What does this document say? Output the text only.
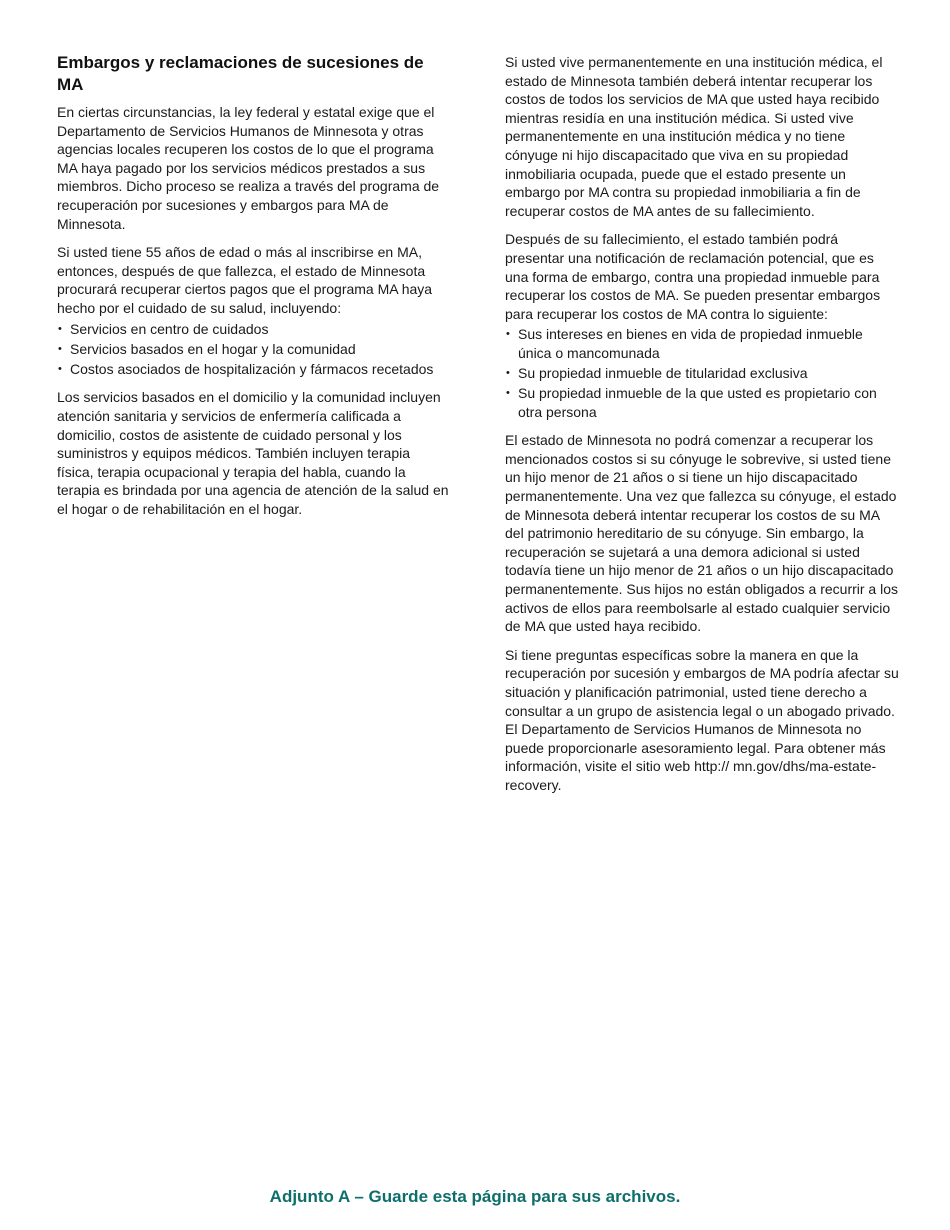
Embargos y reclamaciones de sucesiones de MA

En ciertas circunstancias, la ley federal y estatal exige que el Departamento de Servicios Humanos de Minnesota y otras agencias locales recuperen los costos de lo que el programa MA haya pagado por los servicios médicos prestados a sus miembros. Dicho proceso se realiza a través del programa de recuperación por sucesiones y embargos para MA de Minnesota.

Si usted tiene 55 años de edad o más al inscribirse en MA, entonces, después de que fallezca, el estado de Minnesota procurará recuperar ciertos pagos que el programa MA haya hecho por el cuidado de su salud, incluyendo:

• Servicios en centro de cuidados
• Servicios basados en el hogar y la comunidad
• Costos asociados de hospitalización y fármacos recetados

Los servicios basados en el domicilio y la comunidad incluyen atención sanitaria y servicios de enfermería calificada a domicilio, costos de asistente de cuidado personal y los suministros y equipos médicos. También incluyen terapia física, terapia ocupacional y terapia del habla, cuando la terapia es brindada por una agencia de atención de la salud en el hogar o de rehabilitación en el hogar.

Si usted vive permanentemente en una institución médica, el estado de Minnesota también deberá intentar recuperar los costos de todos los servicios de MA que usted haya recibido mientras residía en una institución médica. Si usted vive permanentemente en una institución médica y no tiene cónyuge ni hijo discapacitado que viva en su propiedad inmobiliaria ocupada, puede que el estado presente un embargo por MA contra su propiedad inmobiliaria a fin de recuperar costos de MA antes de su fallecimiento.

Después de su fallecimiento, el estado también podrá presentar una notificación de reclamación potencial, que es una forma de embargo, contra una propiedad inmueble para recuperar los costos de MA. Se pueden presentar embargos para recuperar los costos de MA contra lo siguiente:

• Sus intereses en bienes en vida de propiedad inmueble única o mancomunada
• Su propiedad inmueble de titularidad exclusiva
• Su propiedad inmueble de la que usted es propietario con otra persona

El estado de Minnesota no podrá comenzar a recuperar los mencionados costos si su cónyuge le sobrevive, si usted tiene un hijo menor de 21 años o si tiene un hijo discapacitado permanentemente. Una vez que fallezca su cónyuge, el estado de Minnesota deberá intentar recuperar los costos de su MA del patrimonio hereditario de su cónyuge. Sin embargo, la recuperación se sujetará a una demora adicional si usted todavía tiene un hijo menor de 21 años o un hijo discapacitado permanentemente. Sus hijos no están obligados a recurrir a los activos de ellos para reembolsarle al estado cualquier servicio de MA que usted haya recibido.

Si tiene preguntas específicas sobre la manera en que la recuperación por sucesión y embargos de MA podría afectar su situación y planificación patrimonial, usted tiene derecho a consultar a un grupo de asistencia legal o un abogado privado. El Departamento de Servicios Humanos de Minnesota no puede proporcionarle asesoramiento legal. Para obtener más información, visite el sitio web http:// mn.gov/dhs/ma-estate-recovery.

Adjunto A – Guarde esta página para sus archivos.
